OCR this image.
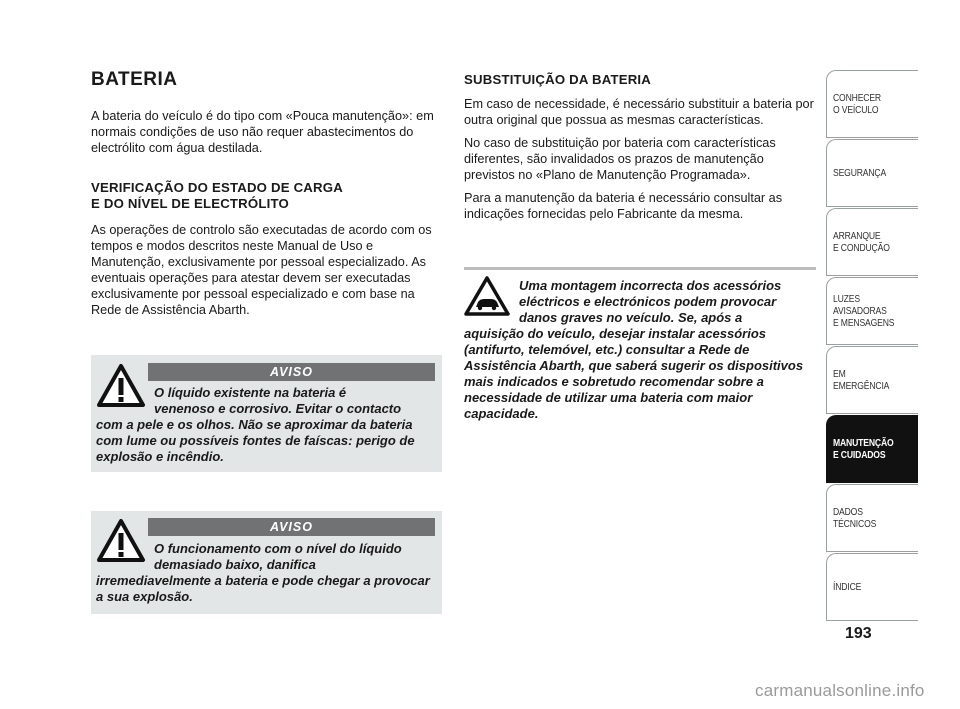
BATERIA

A bateria do veículo é do tipo com «Pouca manutenção»: em normais condições de uso não requer abastecimentos do electrólito com água destilada.

VERIFICAÇÃO DO ESTADO DE CARGA
E DO NÍVEL DE ELECTRÓLITO

As operações de controlo são executadas de acordo com os tempos e modos descritos neste Manual de Uso e Manutenção, exclusivamente por pessoal especializado. As eventuais operações para atestar devem ser executadas exclusivamente por pessoal especializado e com base na Rede de Assistência Abarth.

AVISO

O líquido existente na bateria é
venenoso e corrosivo. Evitar o contacto
com a pele e os olhos. Não se aproximar da bateria com lume ou possíveis fontes de faíscas: perigo de explosão e incêndio.

AVISO

O funcionamento com o nível do líquido
demasiado baixo, danifica
irremediavelmente a bateria e pode chegar a provocar a sua explosão.

SUBSTITUIÇÃO DA BATERIA

Em caso de necessidade, é necessário substituir a bateria por outra original que possua as mesmas características.

No caso de substituição por bateria com características diferentes, são invalidados os prazos de manutenção previstos no «Plano de Manutenção Programada».

Para a manutenção da bateria é necessário consultar as indicações fornecidas pelo Fabricante da mesma.

Uma montagem incorrecta dos acessórios
eléctricos e electrónicos podem provocar
danos graves no veículo. Se, após a
aquisição do veículo, desejar instalar acessórios (antifurto, telemóvel, etc.) consultar a Rede de Assistência Abarth, que saberá sugerir os dispositivos mais indicados e sobretudo recomendar sobre a necessidade de utilizar uma bateria com maior capacidade.

CONHECER
O VEÍCULO
SEGURANÇA
ARRANQUE
E CONDUÇÃO
LUZES
AVISADORAS
E MENSAGENS
EM EMERGÊNCIA
MANUTENÇÃO
E CUIDADOS
DADOS
TÉCNICOS
ÍNDICE
193
carmanualsonline.info
